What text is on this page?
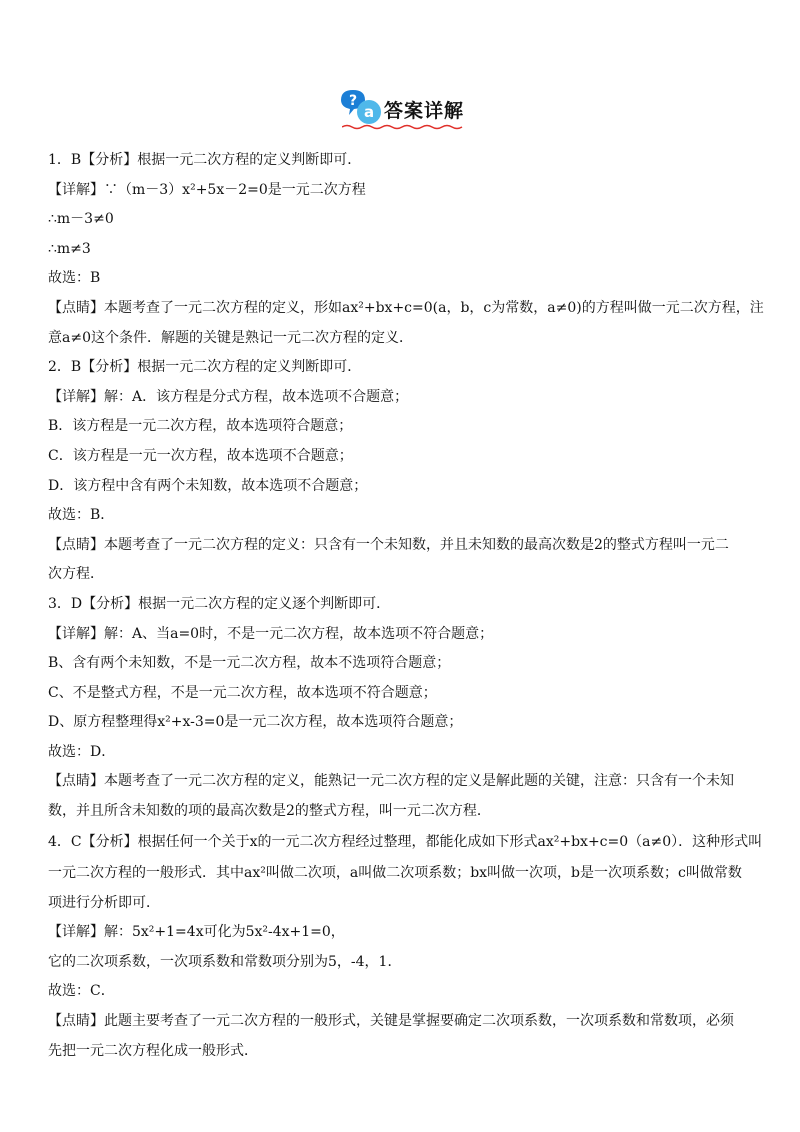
?
a 答案详解
1．B【分析】根据一元二次方程的定义判断即可．
【详解】∵（m－3）x²+5x－2=0是一元二次方程
∴m－3≠0
∴m≠3
故选：B
【点睛】本题考查了一元二次方程的定义，形如ax²+bx+c=0(a，b，c为常数，a≠0)的方程叫做一元二次方程，注
意a≠0这个条件．解题的关键是熟记一元二次方程的定义．
2．B【分析】根据一元二次方程的定义判断即可．
【详解】解：A．该方程是分式方程，故本选项不合题意；
B．该方程是一元二次方程，故本选项符合题意；
C．该方程是一元一次方程，故本选项不合题意；
D．该方程中含有两个未知数，故本选项不合题意；
故选：B．
【点睛】本题考查了一元二次方程的定义：只含有一个未知数，并且未知数的最高次数是2的整式方程叫一元二
次方程．
3．D【分析】根据一元二次方程的定义逐个判断即可．
【详解】解：A、当a=0时，不是一元二次方程，故本选项不符合题意；
B、含有两个未知数，不是一元二次方程，故本不选项符合题意；
C、不是整式方程，不是一元二次方程，故本选项不符合题意；
D、原方程整理得x²+x-3=0是一元二次方程，故本选项符合题意；
故选：D．
【点睛】本题考查了一元二次方程的定义，能熟记一元二次方程的定义是解此题的关键，注意：只含有一个未知
数，并且所含未知数的项的最高次数是2的整式方程，叫一元二次方程．
4．C【分析】根据任何一个关于x的一元二次方程经过整理，都能化成如下形式ax²+bx+c=0（a≠0）．这种形式叫
一元二次方程的一般形式．其中ax²叫做二次项，a叫做二次项系数；bx叫做一次项，b是一次项系数；c叫做常数
项进行分析即可．
【详解】解：5x²+1=4x可化为5x²-4x+1=0，
它的二次项系数，一次项系数和常数项分别为5，-4，1．
故选：C．
【点睛】此题主要考查了一元二次方程的一般形式，关键是掌握要确定二次项系数，一次项系数和常数项，必须
先把一元二次方程化成一般形式．
